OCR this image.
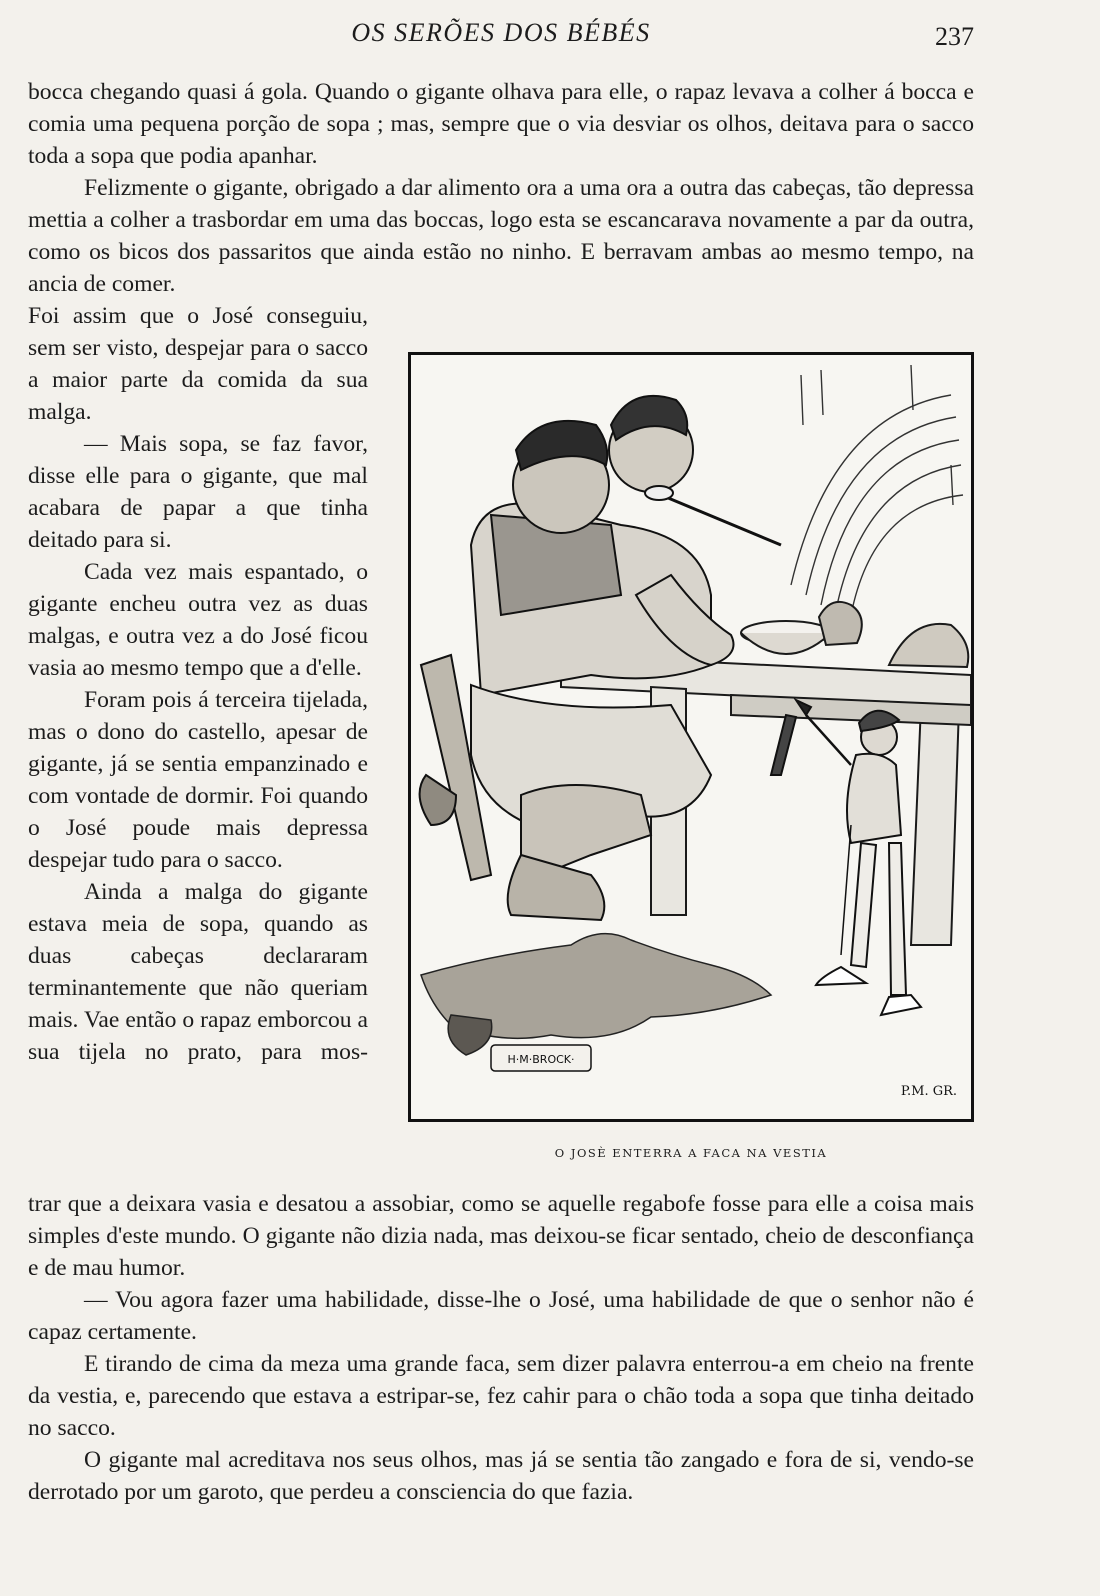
OS SERÕES DOS BÉBÉS	237

bocca chegando quasi á gola. Quando o gigante olhava para elle, o rapaz levava a colher á bocca e comia uma pequena porção de sopa ; mas, sempre que o via desviar os olhos, deitava para o sacco toda a sopa que podia apanhar.

Felizmente o gigante, obrigado a dar alimento ora a uma ora a outra das cabeças, tão depressa mettia a colher a trasbordar em uma das boccas, logo esta se escancarava novamente a par da outra, como os bicos dos passaritos que ainda estão no ninho. E berravam ambas ao mesmo tempo, na ancia de comer.

Foi assim que o José conseguiu, sem ser visto, despejar para o sacco a maior parte da comida da sua malga.

— Mais sopa, se faz favor, disse elle para o gigante, que mal acabara de papar a que tinha deitado para si.

Cada vez mais espantado, o gigante encheu outra vez as duas malgas, e outra vez a do José ficou vasia ao mesmo tempo que a d'elle.

Foram pois á terceira tijelada, mas o dono do castello, apesar de gigante, já se sentia empanzinado e com vontade de dormir. Foi quando o José poude mais depressa despejar tudo para o sacco.

Ainda a malga do gigante estava meia de sopa, quando as duas cabeças declararam terminantemente que não queriam mais. Vae então o rapaz emborcou a sua tijela no prato, para mos-	H·M·BROCK·
P.M. GR.
O JOSÈ ENTERRA A FACA NA VESTIA

trar que a deixara vasia e desatou a assobiar, como se aquelle regabofe fosse para elle a coisa mais simples d'este mundo. O gigante não dizia nada, mas deixou-se ficar sentado, cheio de desconfiança e de mau humor.

— Vou agora fazer uma habilidade, disse-lhe o José, uma habilidade de que o senhor não é capaz certamente.

E tirando de cima da meza uma grande faca, sem dizer palavra enterrou-a em cheio na frente da vestia, e, parecendo que estava a estripar-se, fez cahir para o chão toda a sopa que tinha deitado no sacco.

O gigante mal acreditava nos seus olhos, mas já se sentia tão zangado e fora de si, vendo-se derrotado por um garoto, que perdeu a consciencia do que fazia.
